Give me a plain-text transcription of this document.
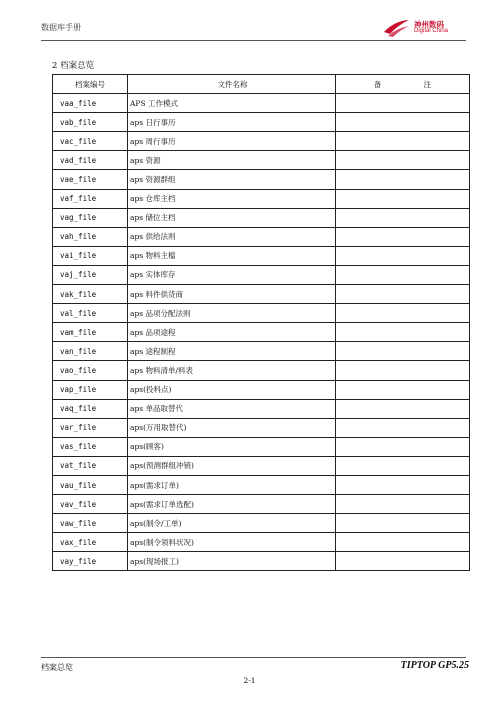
数据库手册	神州数码
Digital China
2 档案总览
档案编号	文件名称	备 注
vaa_file	APS 工作模式	
vab_file	aps 日行事历	
vac_file	aps 周行事历	
vad_file	aps 资源	
vae_file	aps 资源群组	
vaf_file	aps 仓库主档	
vag_file	aps 储位主档	
vah_file	aps 供给法则	
vai_file	aps 物料主檔	
vaj_file	aps 实体库存	
vak_file	aps 料件供货商	
val_file	aps 品项分配法则	
vam_file	aps 品项途程	
van_file	aps 途程制程	
vao_file	aps 物料清单/料表	
vap_file	aps(投料点)	
vaq_file	aps 单品取替代	
var_file	aps(万用取替代)	
vas_file	aps(顾客)	
vat_file	aps(预测群组冲销)	
vau_file	aps(需求订单)	
vav_file	aps(需求订单选配)	
vaw_file	aps(制令/工单)	
vax_file	aps(制令领料状况)	
vay_file	aps(现场报工)	
档案总览	TIPTOP GP5.25
2-1
